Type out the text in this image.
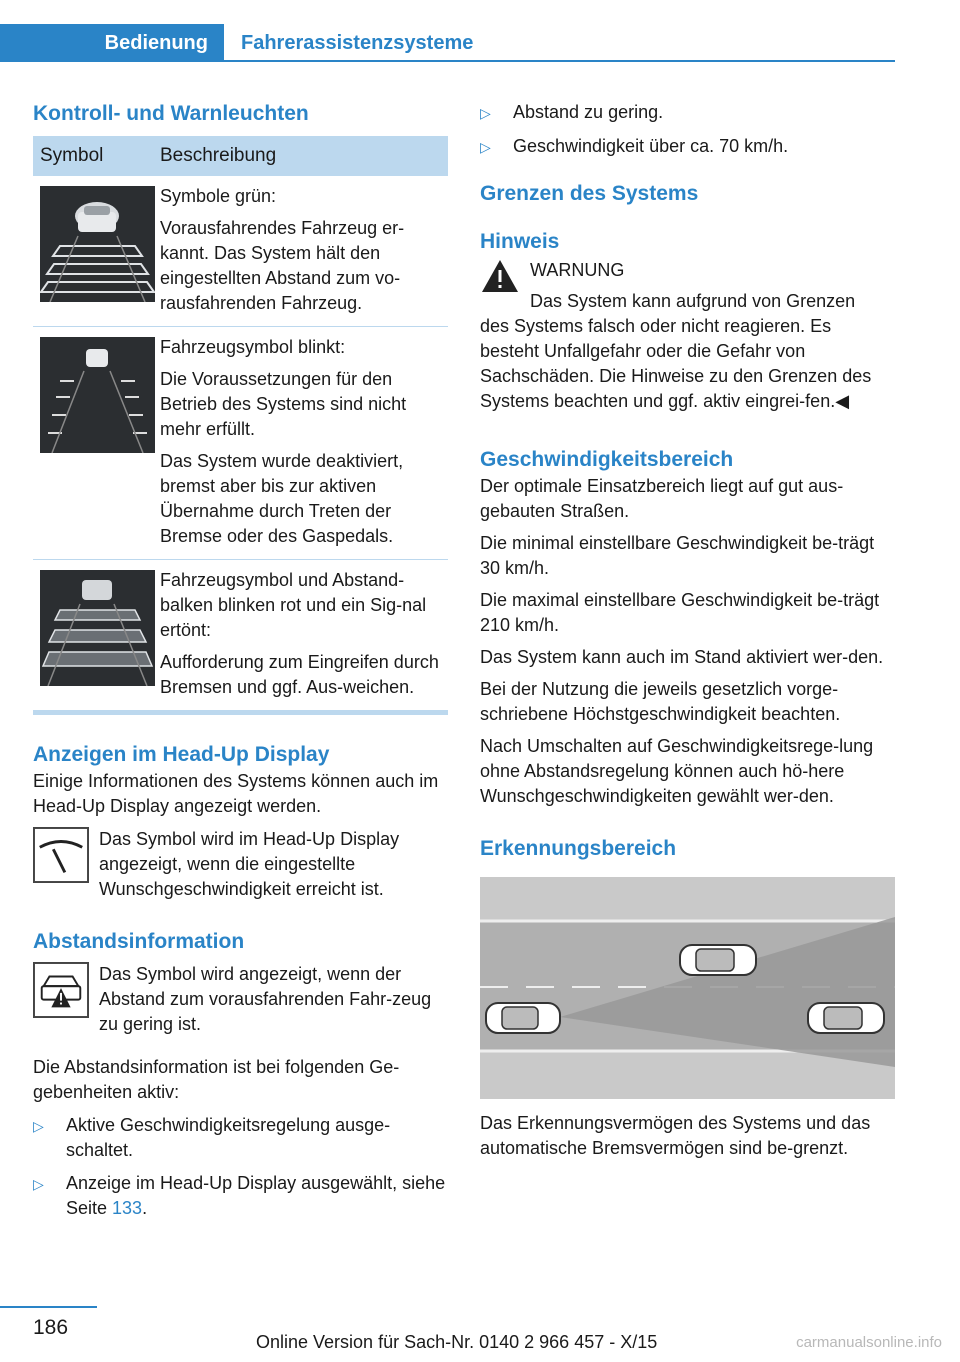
Bedienung	Fahrerassistenzsysteme
Kontroll- und Warnleuchten
Symbol	Beschreibung
Symbole grün:
Vorausfahrendes Fahrzeug er‐kannt. Das System hält den eingestellten Abstand zum vo‐rausfahrenden Fahrzeug.
Fahrzeugsymbol blinkt:
Die Voraussetzungen für den Betrieb des Systems sind nicht mehr erfüllt.
Das System wurde deaktiviert, bremst aber bis zur aktiven Übernahme durch Treten der Bremse oder des Gaspedals.
Fahrzeugsymbol und Abstand‐balken blinken rot und ein Sig‐nal ertönt:
Aufforderung zum Eingreifen durch Bremsen und ggf. Aus‐weichen.
Anzeigen im Head-Up Display
Einige Informationen des Systems können auch im Head-Up Display angezeigt werden.
Das Symbol wird im Head-Up Display angezeigt, wenn die eingestellte Wunschgeschwindigkeit erreicht ist.
Abstandsinformation
Das Symbol wird angezeigt, wenn der Abstand zum vorausfahrenden Fahr‐zeug zu gering ist.
Die Abstandsinformation ist bei folgenden Ge‐gebenheiten aktiv:
▷	Aktive Geschwindigkeitsregelung ausge‐schaltet.
▷	Anzeige im Head-Up Display ausgewählt, siehe Seite 133.
▷	Abstand zu gering.
▷	Geschwindigkeit über ca. 70 km/h.
Grenzen des Systems
Hinweis
WARNUNG
Das System kann aufgrund von Grenzen
des Systems falsch oder nicht reagieren. Es besteht Unfallgefahr oder die Gefahr von Sachschäden. Die Hinweise zu den Grenzen des Systems beachten und ggf. aktiv eingrei‐fen.◀
Geschwindigkeitsbereich
Der optimale Einsatzbereich liegt auf gut aus‐gebauten Straßen.
Die minimal einstellbare Geschwindigkeit be‐trägt 30 km/h.
Die maximal einstellbare Geschwindigkeit be‐trägt 210 km/h.
Das System kann auch im Stand aktiviert wer‐den.
Bei der Nutzung die jeweils gesetzlich vorge‐schriebene Höchstgeschwindigkeit beachten.
Nach Umschalten auf Geschwindigkeitsrege‐lung ohne Abstandsregelung können auch hö‐here Wunschgeschwindigkeiten gewählt wer‐den.
Erkennungsbereich
Das Erkennungsvermögen des Systems und das automatische Bremsvermögen sind be‐grenzt.
186
Online Version für Sach-Nr. 0140 2 966 457 - X/15	carmanualsonline.info
